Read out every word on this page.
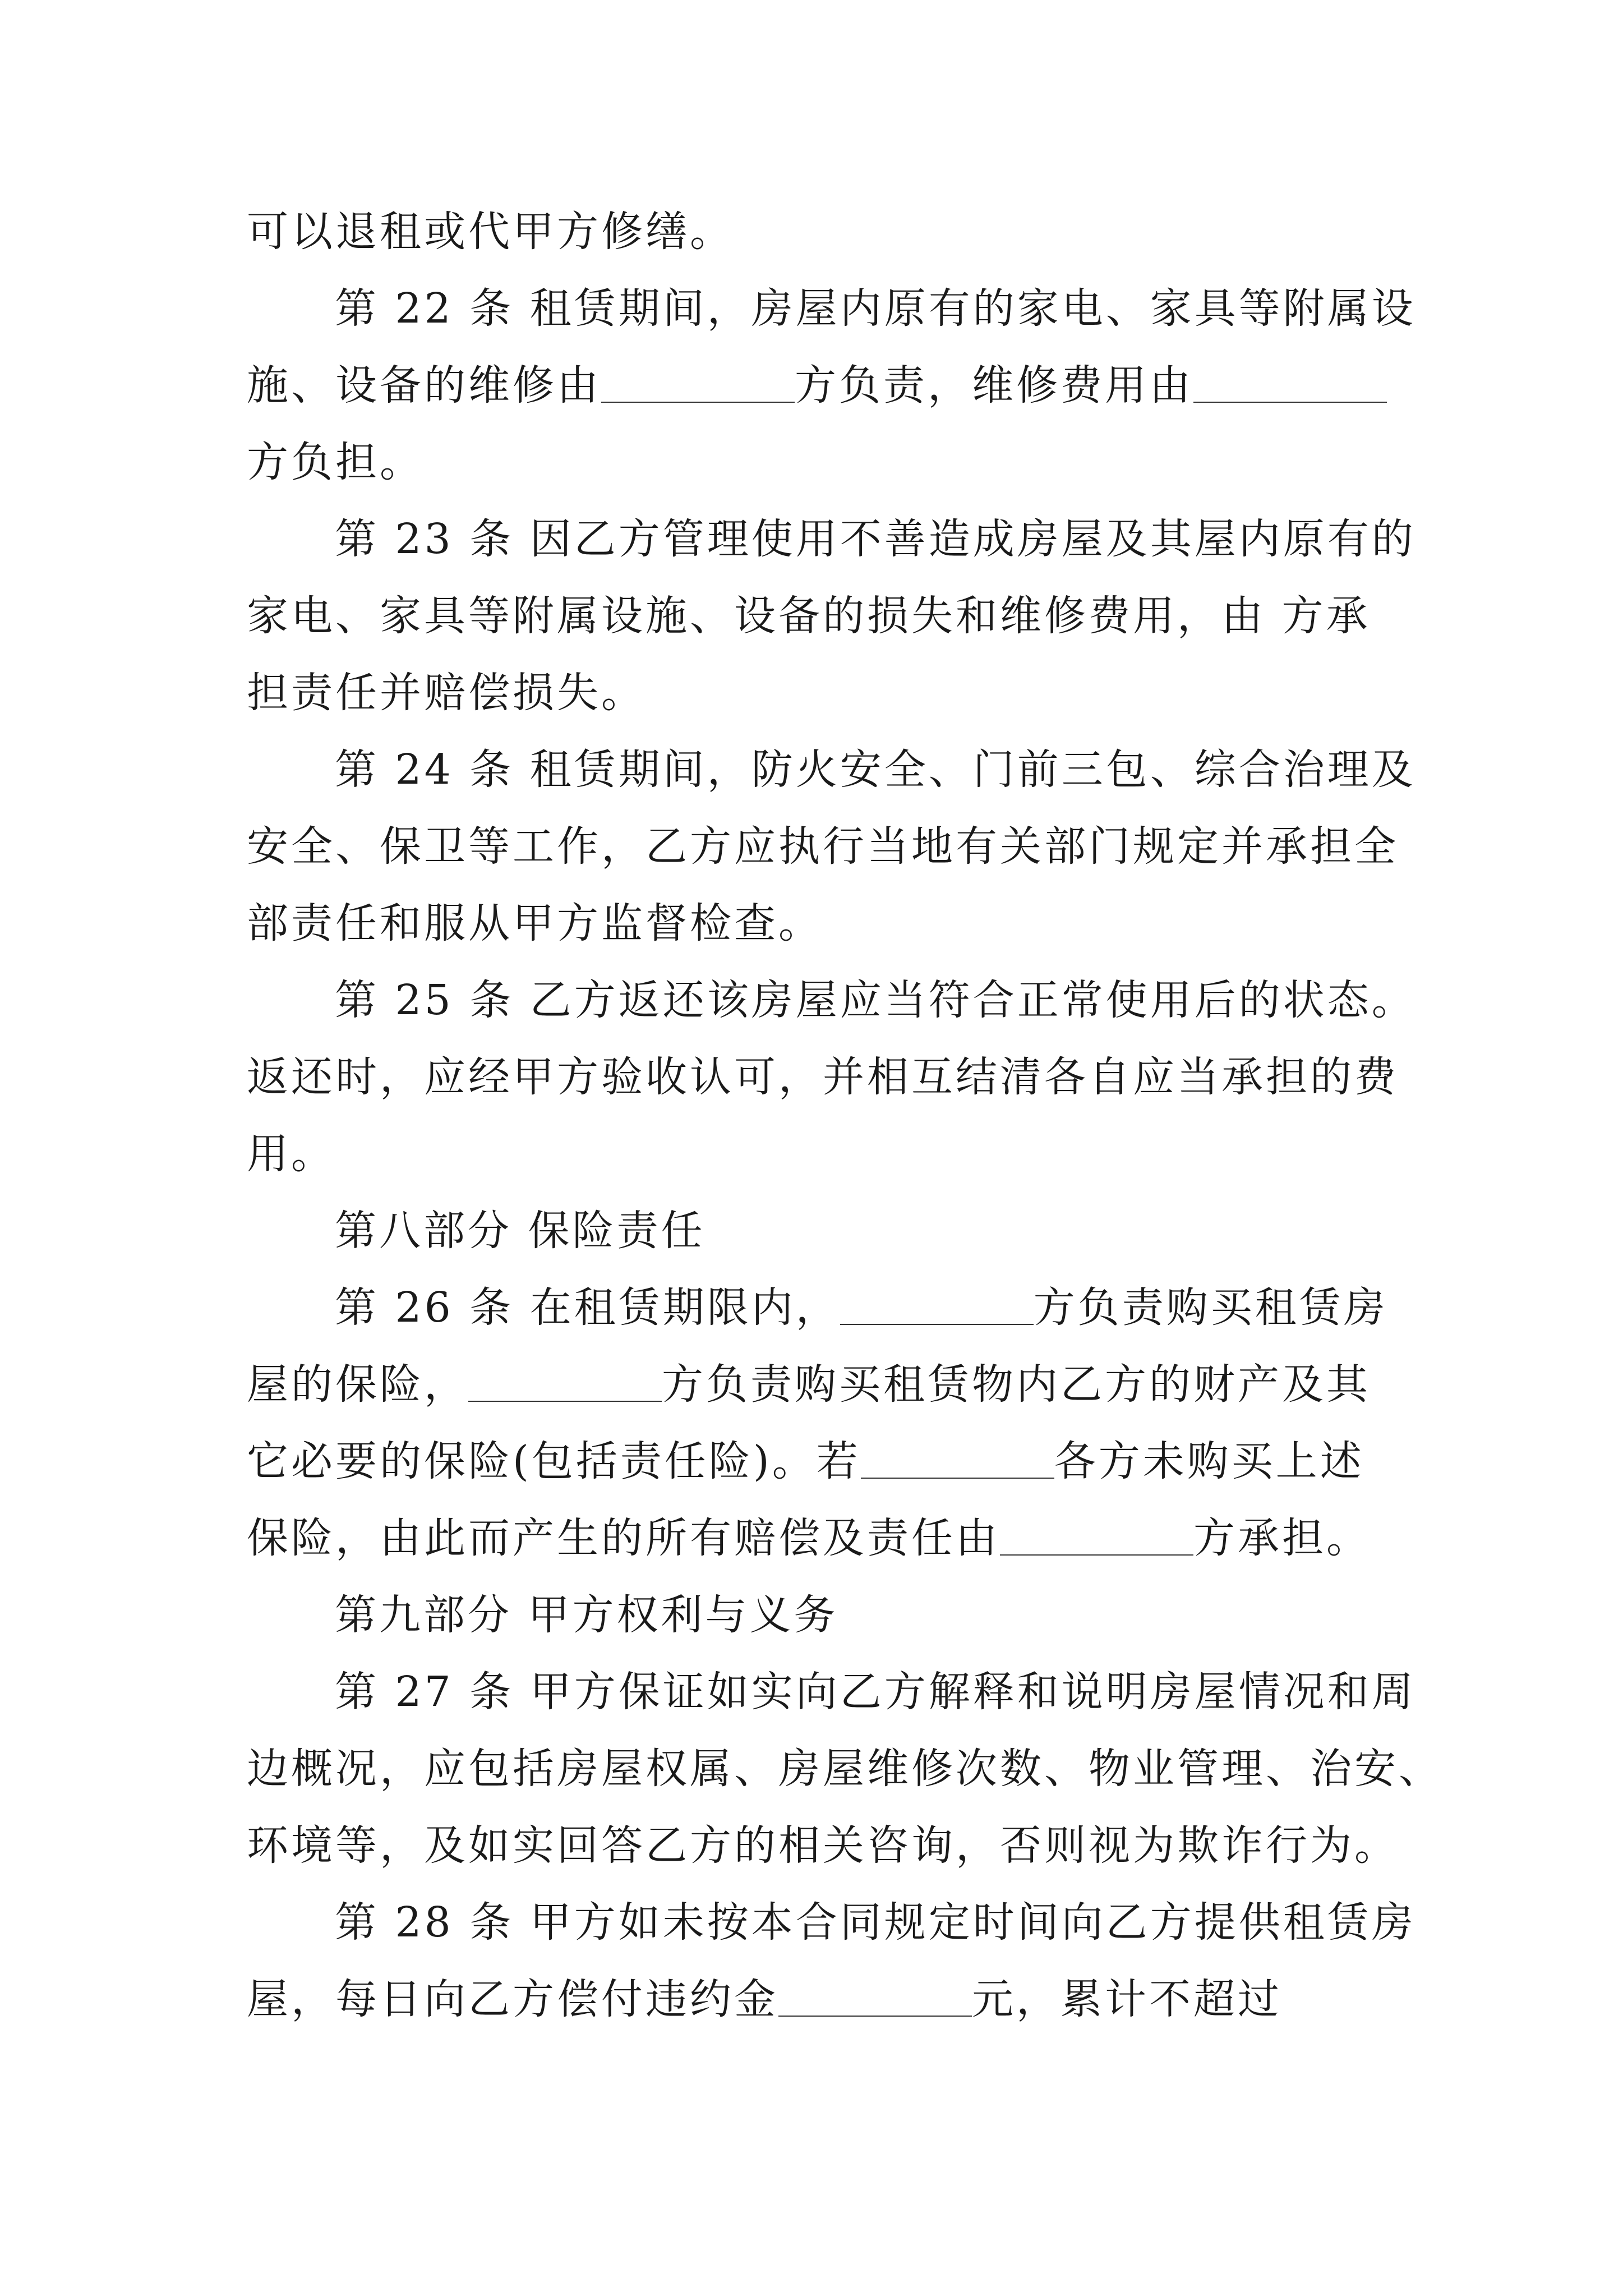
可以退租或代甲方修缮。
第 22 条 租赁期间，房屋内原有的家电、家具等附属设
施、设备的维修由	方负责，维修费用由
方负担。
第 23 条 因乙方管理使用不善造成房屋及其屋内原有的
家电、家具等附属设施、设备的损失和维修费用，由 方承
担责任并赔偿损失。
第 24 条 租赁期间，防火安全、门前三包、综合治理及
安全、保卫等工作，乙方应执行当地有关部门规定并承担全
部责任和服从甲方监督检查。
第 25 条 乙方返还该房屋应当符合正常使用后的状态。
返还时，应经甲方验收认可，并相互结清各自应当承担的费
用。
第八部分 保险责任
第 26 条 在租赁期限内，	方负责购买租赁房
屋的保险，	方负责购买租赁物内乙方的财产及其
它必要的保险(包括责任险)。若	各方未购买上述
保险，由此而产生的所有赔偿及责任由	方承担。
第九部分 甲方权利与义务
第 27 条 甲方保证如实向乙方解释和说明房屋情况和周
边概况，应包括房屋权属、房屋维修次数、物业管理、治安、
环境等，及如实回答乙方的相关咨询，否则视为欺诈行为。
第 28 条 甲方如未按本合同规定时间向乙方提供租赁房
屋，每日向乙方偿付违约金	元，累计不超过
